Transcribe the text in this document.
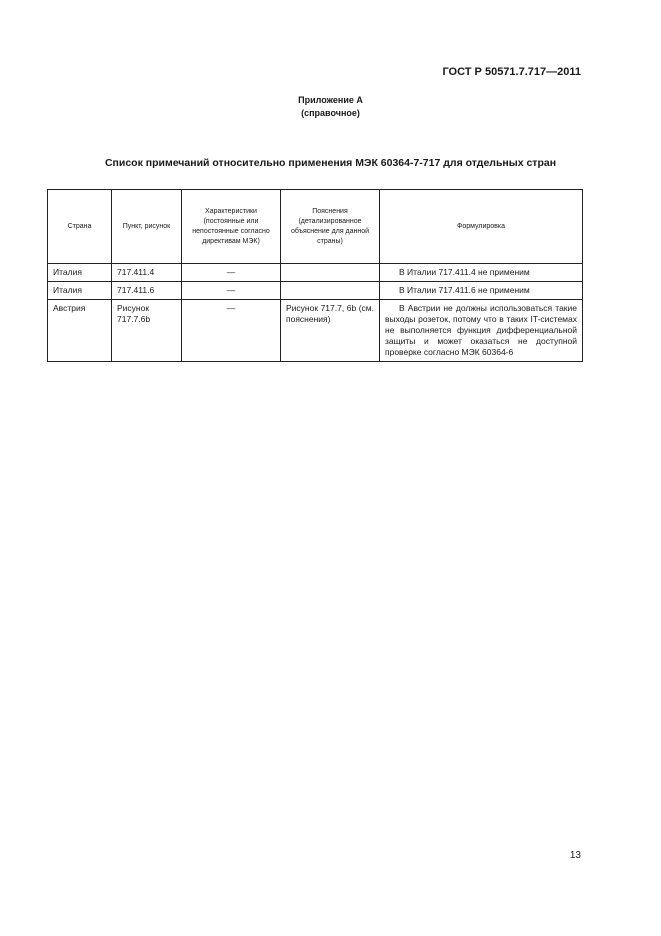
ГОСТ Р 50571.7.717—2011
Приложение А
(справочное)
Список примечаний относительно применения МЭК 60364-7-717 для отдельных стран
Страна	Пункт, рисунок	Характеристики (постоянные или непостоянные согласно директивам МЭК)	Пояснения (детализированное объяснение для данной страны)	Формулировка
Италия	717.411.4	—		В Италии 717.411.4 не применим
Италия	717.411.6	—		В Италии 717.411.6 не применим
Австрия	Рисунок 717.7.6b	—	Рисунок 717.7, 6b (см. пояснения)	В Австрии не должны использоваться такие выходы розеток, потому что в таких IT-системах не выполняется функция дифференциальной защиты и может оказаться не доступной проверке согласно МЭК 60364-6
13
